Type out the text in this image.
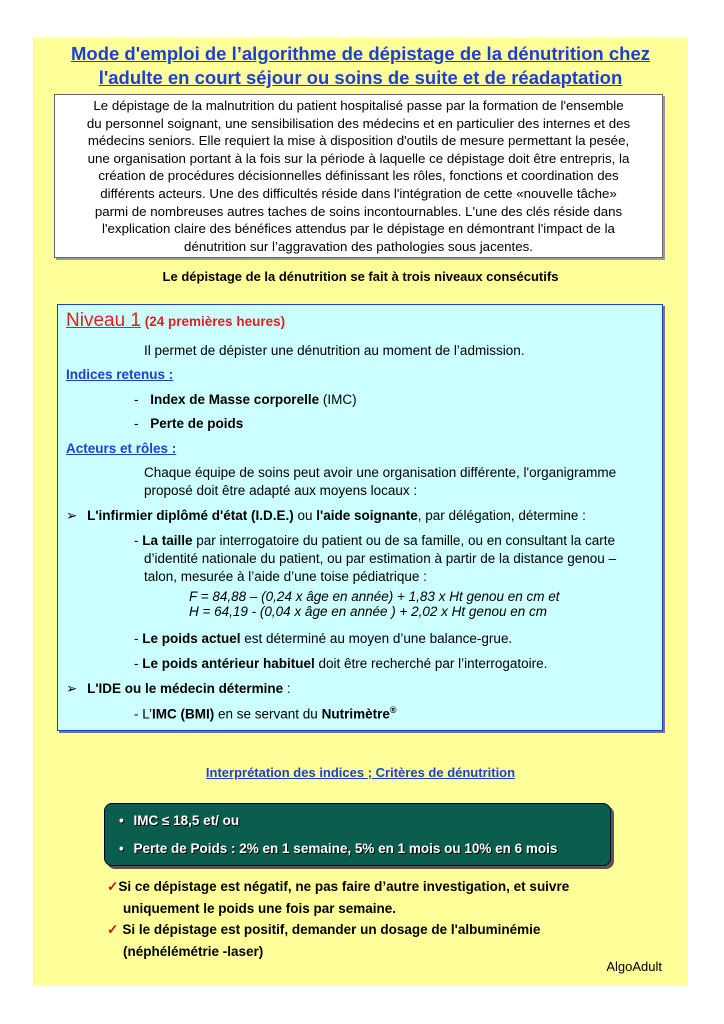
Mode d'emploi de l’algorithme de dépistage de la dénutrition chez
l'adulte en court séjour ou soins de suite et de réadaptation
Le dépistage de la malnutrition du patient hospitalisé passe par la formation de l'ensemble
du personnel soignant, une sensibilisation des médecins et en particulier des internes et des
médecins seniors. Elle requiert la mise à disposition d'outils de mesure permettant la pesée,
une organisation portant à la fois sur la période à laquelle ce dépistage doit être entrepris, la
création de procédures décisionnelles définissant les rôles, fonctions et coordination des
différents acteurs. Une des difficultés réside dans l'intégration de cette «nouvelle tâche»
parmi de nombreuses autres taches de soins incontournables. L'une des clés réside dans
l'explication claire des bénéfices attendus par le dépistage en démontrant l'impact de la
dénutrition sur l’aggravation des pathologies sous jacentes.
Le dépistage de la dénutrition se fait à trois niveaux consécutifs
Niveau 1 (24 premières heures)
Il permet de dépister une dénutrition au moment de l’admission.
Indices retenus :
- Index de Masse corporelle (IMC)
- Perte de poids
Acteurs et rôles :
Chaque équipe de soins peut avoir une organisation différente, l'organigramme
proposé doit être adapté aux moyens locaux :
➢ L'infirmier diplômé d'état (I.D.E.) ou l'aide soignante, par délégation, détermine :
- La taille par interrogatoire du patient ou de sa famille, ou en consultant la carte
d’identité nationale du patient, ou par estimation à partir de la distance genou –
talon, mesurée à l’aide d’une toise pédiatrique :
F = 84,88 – (0,24 x âge en année) + 1,83 x Ht genou en cm et
H = 64,19 - (0,04 x âge en année ) + 2,02 x Ht genou en cm
- Le poids actuel est déterminé au moyen d’une balance-grue.
- Le poids antérieur habituel doit être recherché par l’interrogatoire.
➢ L'IDE ou le médecin détermine :
- L’IMC (BMI) en se servant du Nutrimètre®
Interprétation des indices ; Critères de dénutrition
• IMC ≤ 18,5 et/ ou
• Perte de Poids : 2% en 1 semaine, 5% en 1 mois ou 10% en 6 mois
✓Si ce dépistage est négatif, ne pas faire d’autre investigation, et suivre
uniquement le poids une fois par semaine.
✓ Si le dépistage est positif, demander un dosage de l'albuminémie
(néphélémétrie -laser)
AlgoAdult
